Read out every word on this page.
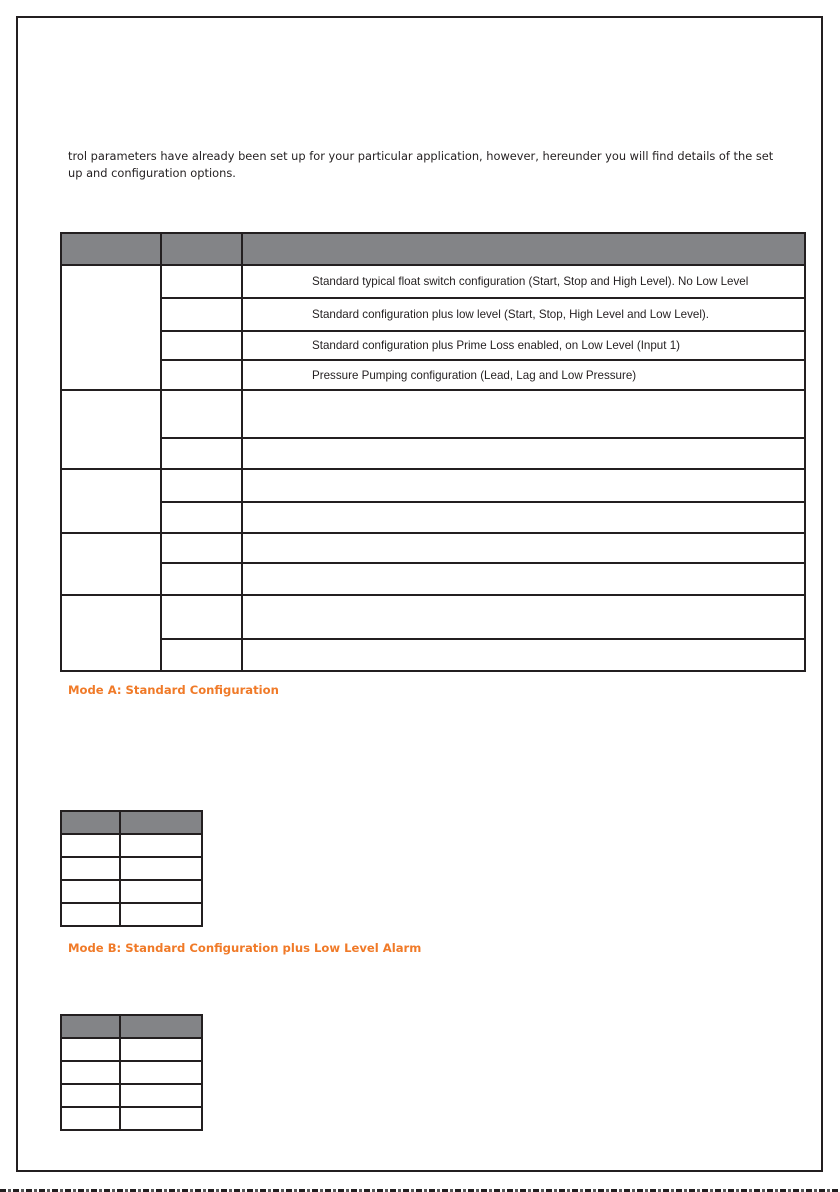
trol parameters have already been set up for your particular application, however, hereunder you will find details of the set
up and configuration options.

		Standard typical float switch configuration (Start, Stop and High Level). No Low Level
		Standard configuration plus low level (Start, Stop, High Level and Low Level).
		Standard configuration plus Prime Loss enabled, on Low Level (Input 1)
		Pressure Pumping configuration (Lead, Lag and Low Pressure)

Mode A: Standard Configuration

Mode B: Standard Configuration plus Low Level Alarm
